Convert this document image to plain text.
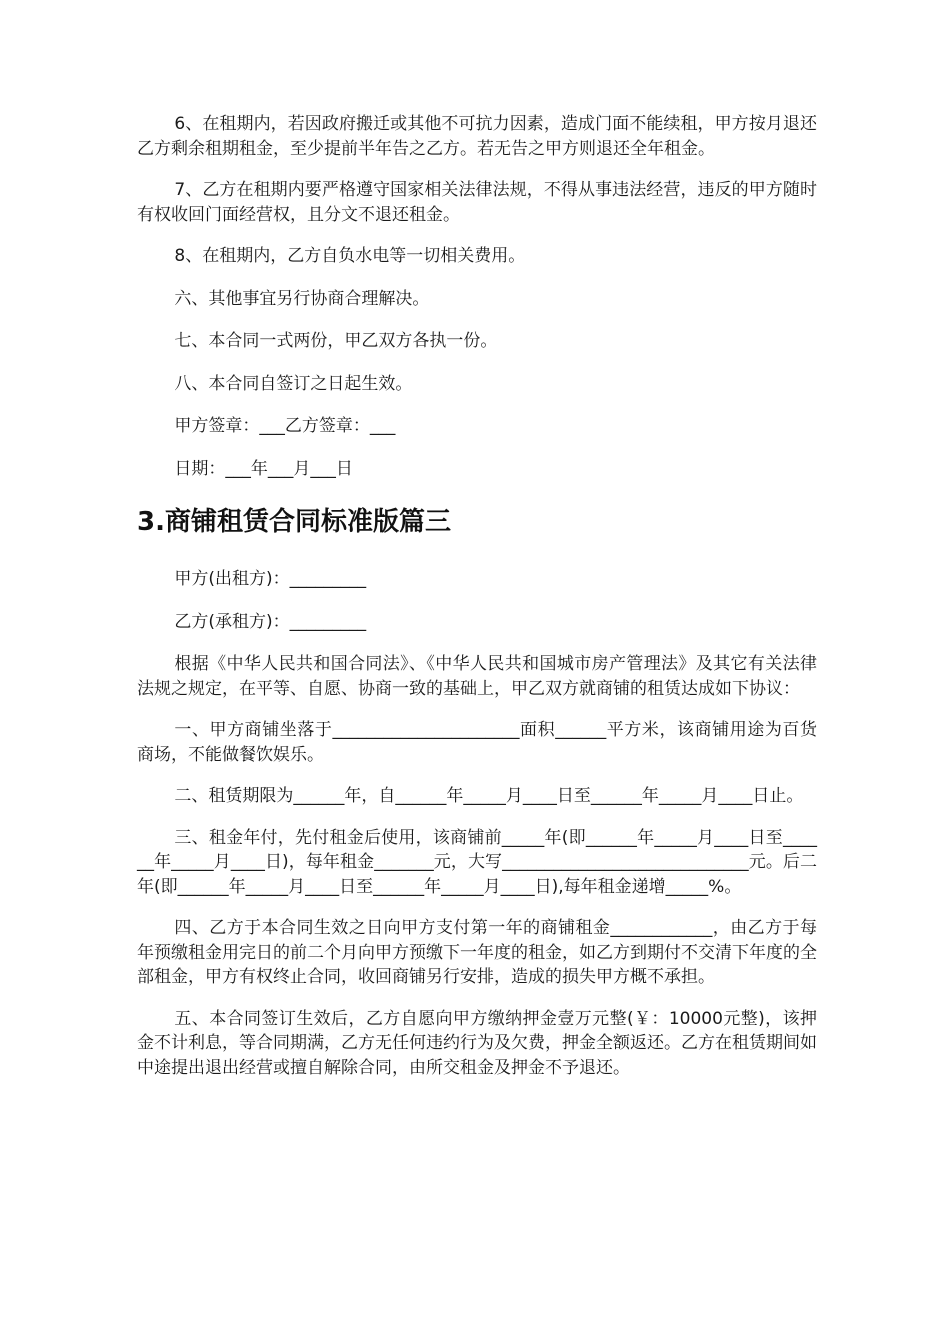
6、在租期内，若因政府搬迁或其他不可抗力因素，造成门面不能续租，甲方按月退还乙方剩余租期租金，至少提前半年告之乙方。若无告之甲方则退还全年租金。

7、乙方在租期内要严格遵守国家相关法律法规，不得从事违法经营，违反的甲方随时有权收回门面经营权，且分文不退还租金。

8、在租期内，乙方自负水电等一切相关费用。

六、其他事宜另行协商合理解决。

七、本合同一式两份，甲乙双方各执一份。

八、本合同自签订之日起生效。

甲方签章：___乙方签章：___

日期：___年___月___日

3.商铺租赁合同标准版篇三

甲方(出租方)：_________

乙方(承租方)：_________

根据《中华人民共和国合同法》、《中华人民共和国城市房产管理法》及其它有关法律法规之规定，在平等、自愿、协商一致的基础上，甲乙双方就商铺的租赁达成如下协议：

一、甲方商铺坐落于______________________面积______平方米，该商铺用途为百货商场，不能做餐饮娱乐。

二、租赁期限为______年，自______年_____月____日至______年_____月____日止。

三、租金年付，先付租金后使用，该商铺前_____年(即______年_____月____日至______年_____月____日)，每年租金_______元，大写_____________________________元。后二年(即______年_____月____日至______年_____月____日),每年租金递增_____%。

四、乙方于本合同生效之日向甲方支付第一年的商铺租金____________，由乙方于每年预缴租金用完日的前二个月向甲方预缴下一年度的租金，如乙方到期付不交清下年度的全部租金，甲方有权终止合同，收回商铺另行安排，造成的损失甲方概不承担。

五、本合同签订生效后，乙方自愿向甲方缴纳押金壹万元整(￥：10000元整)，该押金不计利息，等合同期满，乙方无任何违约行为及欠费，押金全额返还。乙方在租赁期间如中途提出退出经营或擅自解除合同，由所交租金及押金不予退还。
